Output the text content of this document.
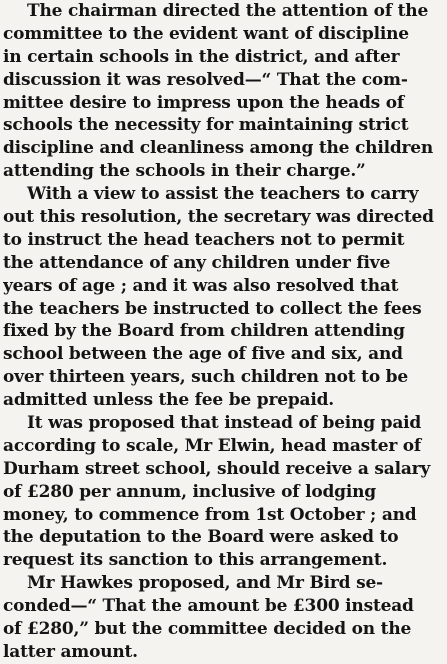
The chairman directed the attention of the
committee to the evident want of discipline
in certain schools in the district, and after
discussion it was resolved—“ That the com-
mittee desire to impress upon the heads of
schools the necessity for maintaining strict
discipline and cleanliness among the children
attending the schools in their charge.”
With a view to assist the teachers to carry
out this resolution, the secretary was directed
to instruct the head teachers not to permit
the attendance of any children under five
years of age ; and it was also resolved that
the teachers be instructed to collect the fees
fixed by the Board from children attending
school between the age of five and six, and
over thirteen years, such children not to be
admitted unless the fee be prepaid.
It was proposed that instead of being paid
according to scale, Mr Elwin, head master of
Durham street school, should receive a salary
of £280 per annum, inclusive of lodging
money, to commence from 1st October ; and
the deputation to the Board were asked to
request its sanction to this arrangement.
Mr Hawkes proposed, and Mr Bird se-
conded—“ That the amount be £300 instead
of £280,” but the committee decided on the
latter amount.
